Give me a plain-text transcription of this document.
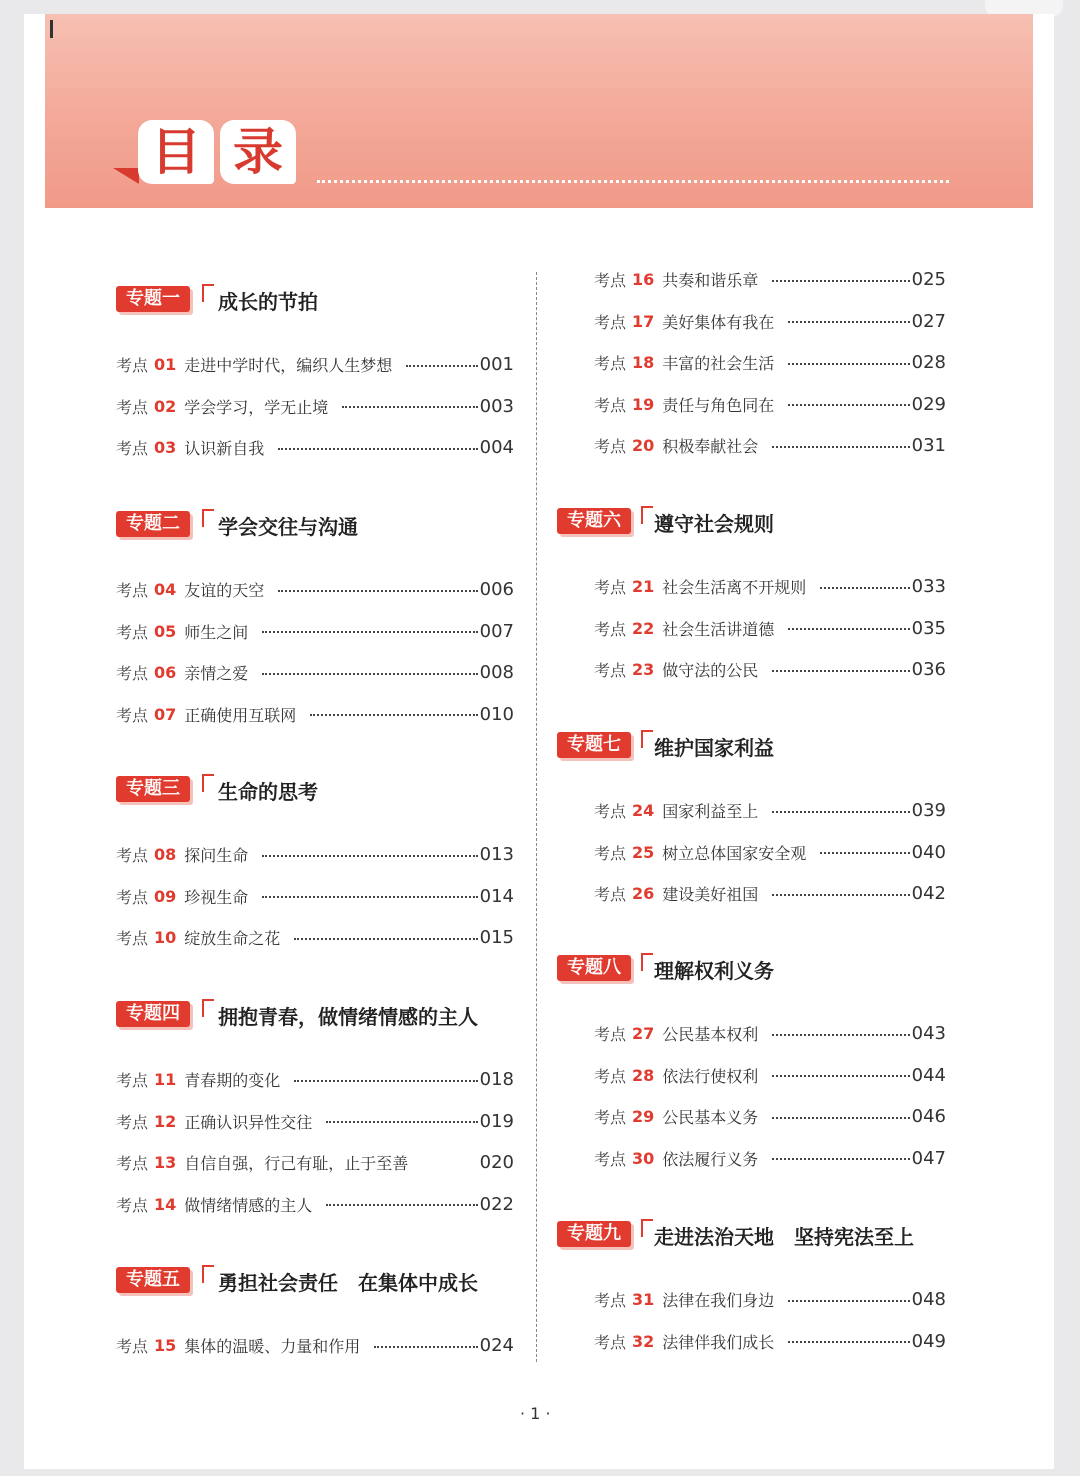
目 录
专题一	成长的节拍
考点 01 走进中学时代，编织人生梦想	001
考点 02 学会学习，学无止境	003
考点 03 认识新自我	004
专题二	学会交往与沟通
考点 04 友谊的天空	006
考点 05 师生之间	007
考点 06 亲情之爱	008
考点 07 正确使用互联网	010
专题三	生命的思考
考点 08 探问生命	013
考点 09 珍视生命	014
考点 10 绽放生命之花	015
专题四	拥抱青春，做情绪情感的主人
考点 11 青春期的变化	018
考点 12 正确认识异性交往	019
考点 13 自信自强，行己有耻，止于至善	020
考点 14 做情绪情感的主人	022
专题五	勇担社会责任　在集体中成长
考点 15 集体的温暖、力量和作用	024
考点 16 共奏和谐乐章	025
考点 17 美好集体有我在	027
考点 18 丰富的社会生活	028
考点 19 责任与角色同在	029
考点 20 积极奉献社会	031
专题六	遵守社会规则
考点 21 社会生活离不开规则	033
考点 22 社会生活讲道德	035
考点 23 做守法的公民	036
专题七	维护国家利益
考点 24 国家利益至上	039
考点 25 树立总体国家安全观	040
考点 26 建设美好祖国	042
专题八	理解权利义务
考点 27 公民基本权利	043
考点 28 依法行使权利	044
考点 29 公民基本义务	046
考点 30 依法履行义务	047
专题九	走进法治天地　坚持宪法至上
考点 31 法律在我们身边	048
考点 32 法律伴我们成长	049
· 1 ·
